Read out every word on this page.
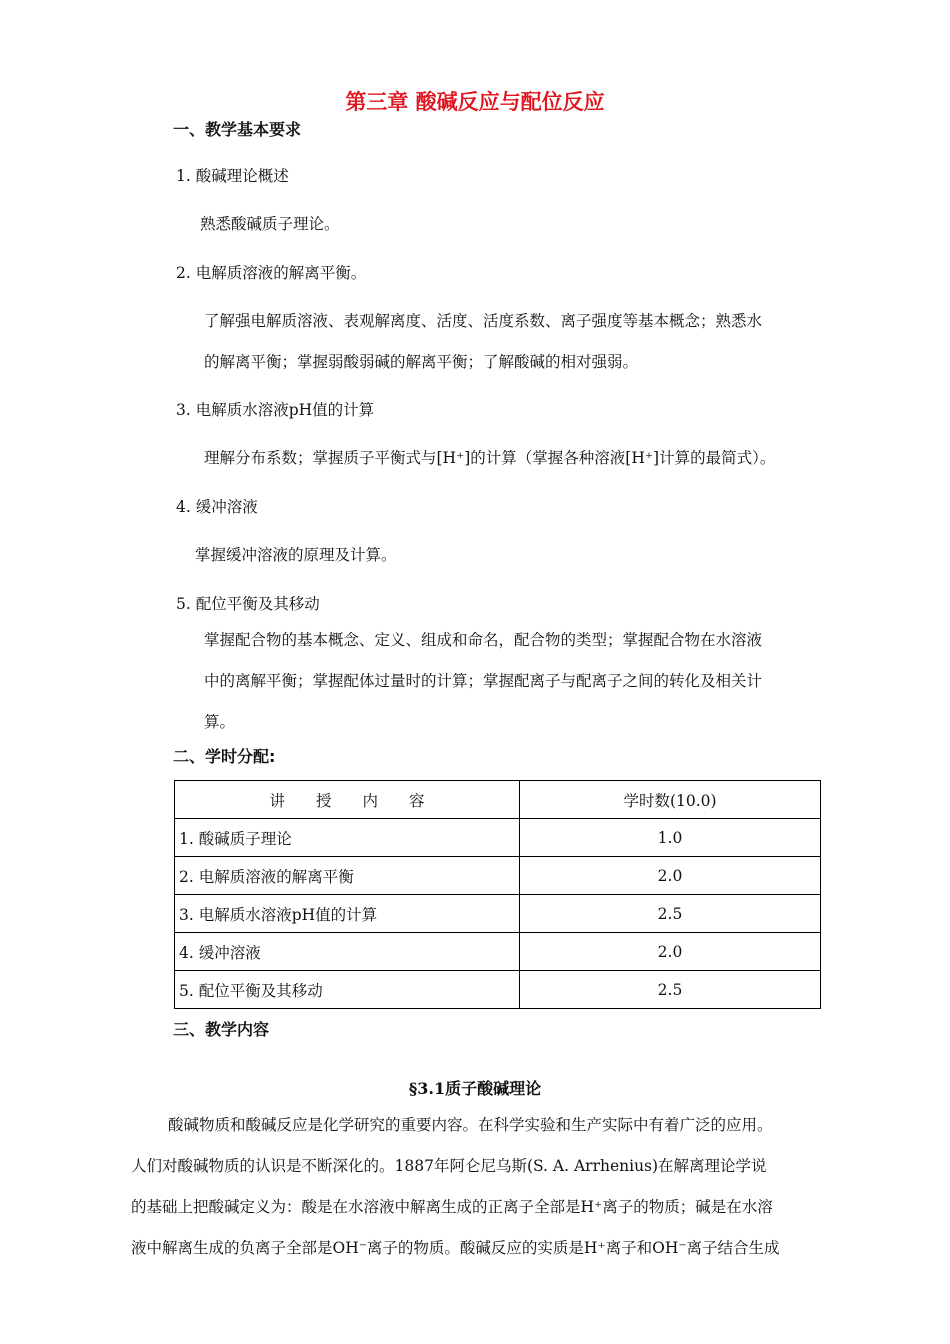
第三章 酸碱反应与配位反应
一、教学基本要求
1. 酸碱理论概述
熟悉酸碱质子理论。
2. 电解质溶液的解离平衡。
了解强电解质溶液、表观解离度、活度、活度系数、离子强度等基本概念；熟悉水
的解离平衡；掌握弱酸弱碱的解离平衡；了解酸碱的相对强弱。
3. 电解质水溶液pH值的计算
理解分布系数；掌握质子平衡式与[H⁺]的计算（掌握各种溶液[H⁺]计算的最简式）。
4. 缓冲溶液
掌握缓冲溶液的原理及计算。
5. 配位平衡及其移动
掌握配合物的基本概念、定义、组成和命名，配合物的类型；掌握配合物在水溶液
中的离解平衡；掌握配体过量时的计算；掌握配离子与配离子之间的转化及相关计
算。
二、学时分配:
讲　　授　　内　　容	学时数(10.0)
1. 酸碱质子理论	1.0
2. 电解质溶液的解离平衡	2.0
3. 电解质水溶液pH值的计算	2.5
4. 缓冲溶液	2.0
5. 配位平衡及其移动	2.5
三、教学内容
§3.1质子酸碱理论
酸碱物质和酸碱反应是化学研究的重要内容。在科学实验和生产实际中有着广泛的应用。
人们对酸碱物质的认识是不断深化的。1887年阿仑尼乌斯(S. A. Arrhenius)在解离理论学说
的基础上把酸碱定义为：酸是在水溶液中解离生成的正离子全部是H⁺离子的物质；碱是在水溶
液中解离生成的负离子全部是OH⁻离子的物质。酸碱反应的实质是H⁺离子和OH⁻离子结合生成
